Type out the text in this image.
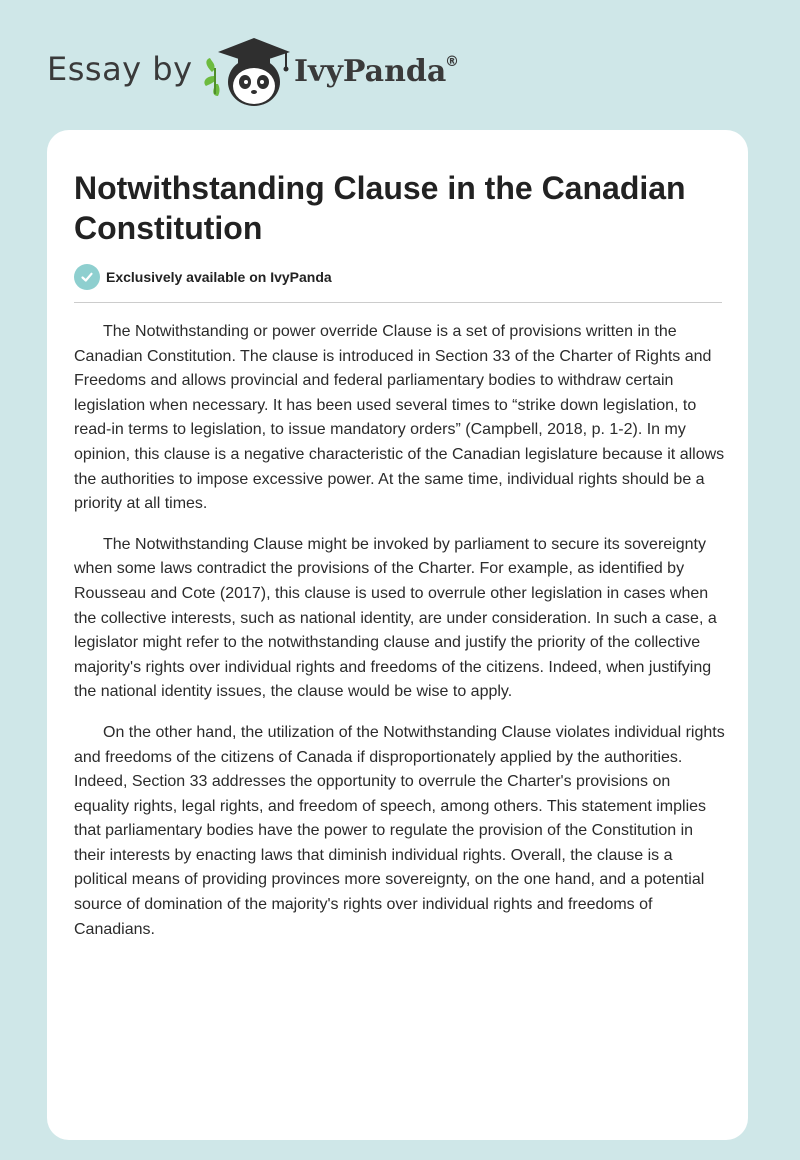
Essay by	IvyPanda
®
Notwithstanding Clause in the Canadian Constitution
Exclusively available on IvyPanda

The Notwithstanding or power override Clause is a set of provisions written in the Canadian Constitution. The clause is introduced in Section 33 of the Charter of Rights and Freedoms and allows provincial and federal parliamentary bodies to withdraw certain legislation when necessary. It has been used several times to “strike down legislation, to read-in terms to legislation, to issue mandatory orders” (Campbell, 2018, p. 1-2). In my opinion, this clause is a negative characteristic of the Canadian legislature because it allows the authorities to impose excessive power. At the same time, individual rights should be a priority at all times.

The Notwithstanding Clause might be invoked by parliament to secure its sovereignty when some laws contradict the provisions of the Charter. For example, as identified by Rousseau and Cote (2017), this clause is used to overrule other legislation in cases when the collective interests, such as national identity, are under consideration. In such a case, a legislator might refer to the notwithstanding clause and justify the priority of the collective majority's rights over individual rights and freedoms of the citizens. Indeed, when justifying the national identity issues, the clause would be wise to apply.

On the other hand, the utilization of the Notwithstanding Clause violates individual rights and freedoms of the citizens of Canada if disproportionately applied by the authorities. Indeed, Section 33 addresses the opportunity to overrule the Charter's provisions on equality rights, legal rights, and freedom of speech, among others. This statement implies that parliamentary bodies have the power to regulate the provision of the Constitution in their interests by enacting laws that diminish individual rights. Overall, the clause is a political means of providing provinces more sovereignty, on the one hand, and a potential source of domination of the majority's rights over individual rights and freedoms of Canadians.
